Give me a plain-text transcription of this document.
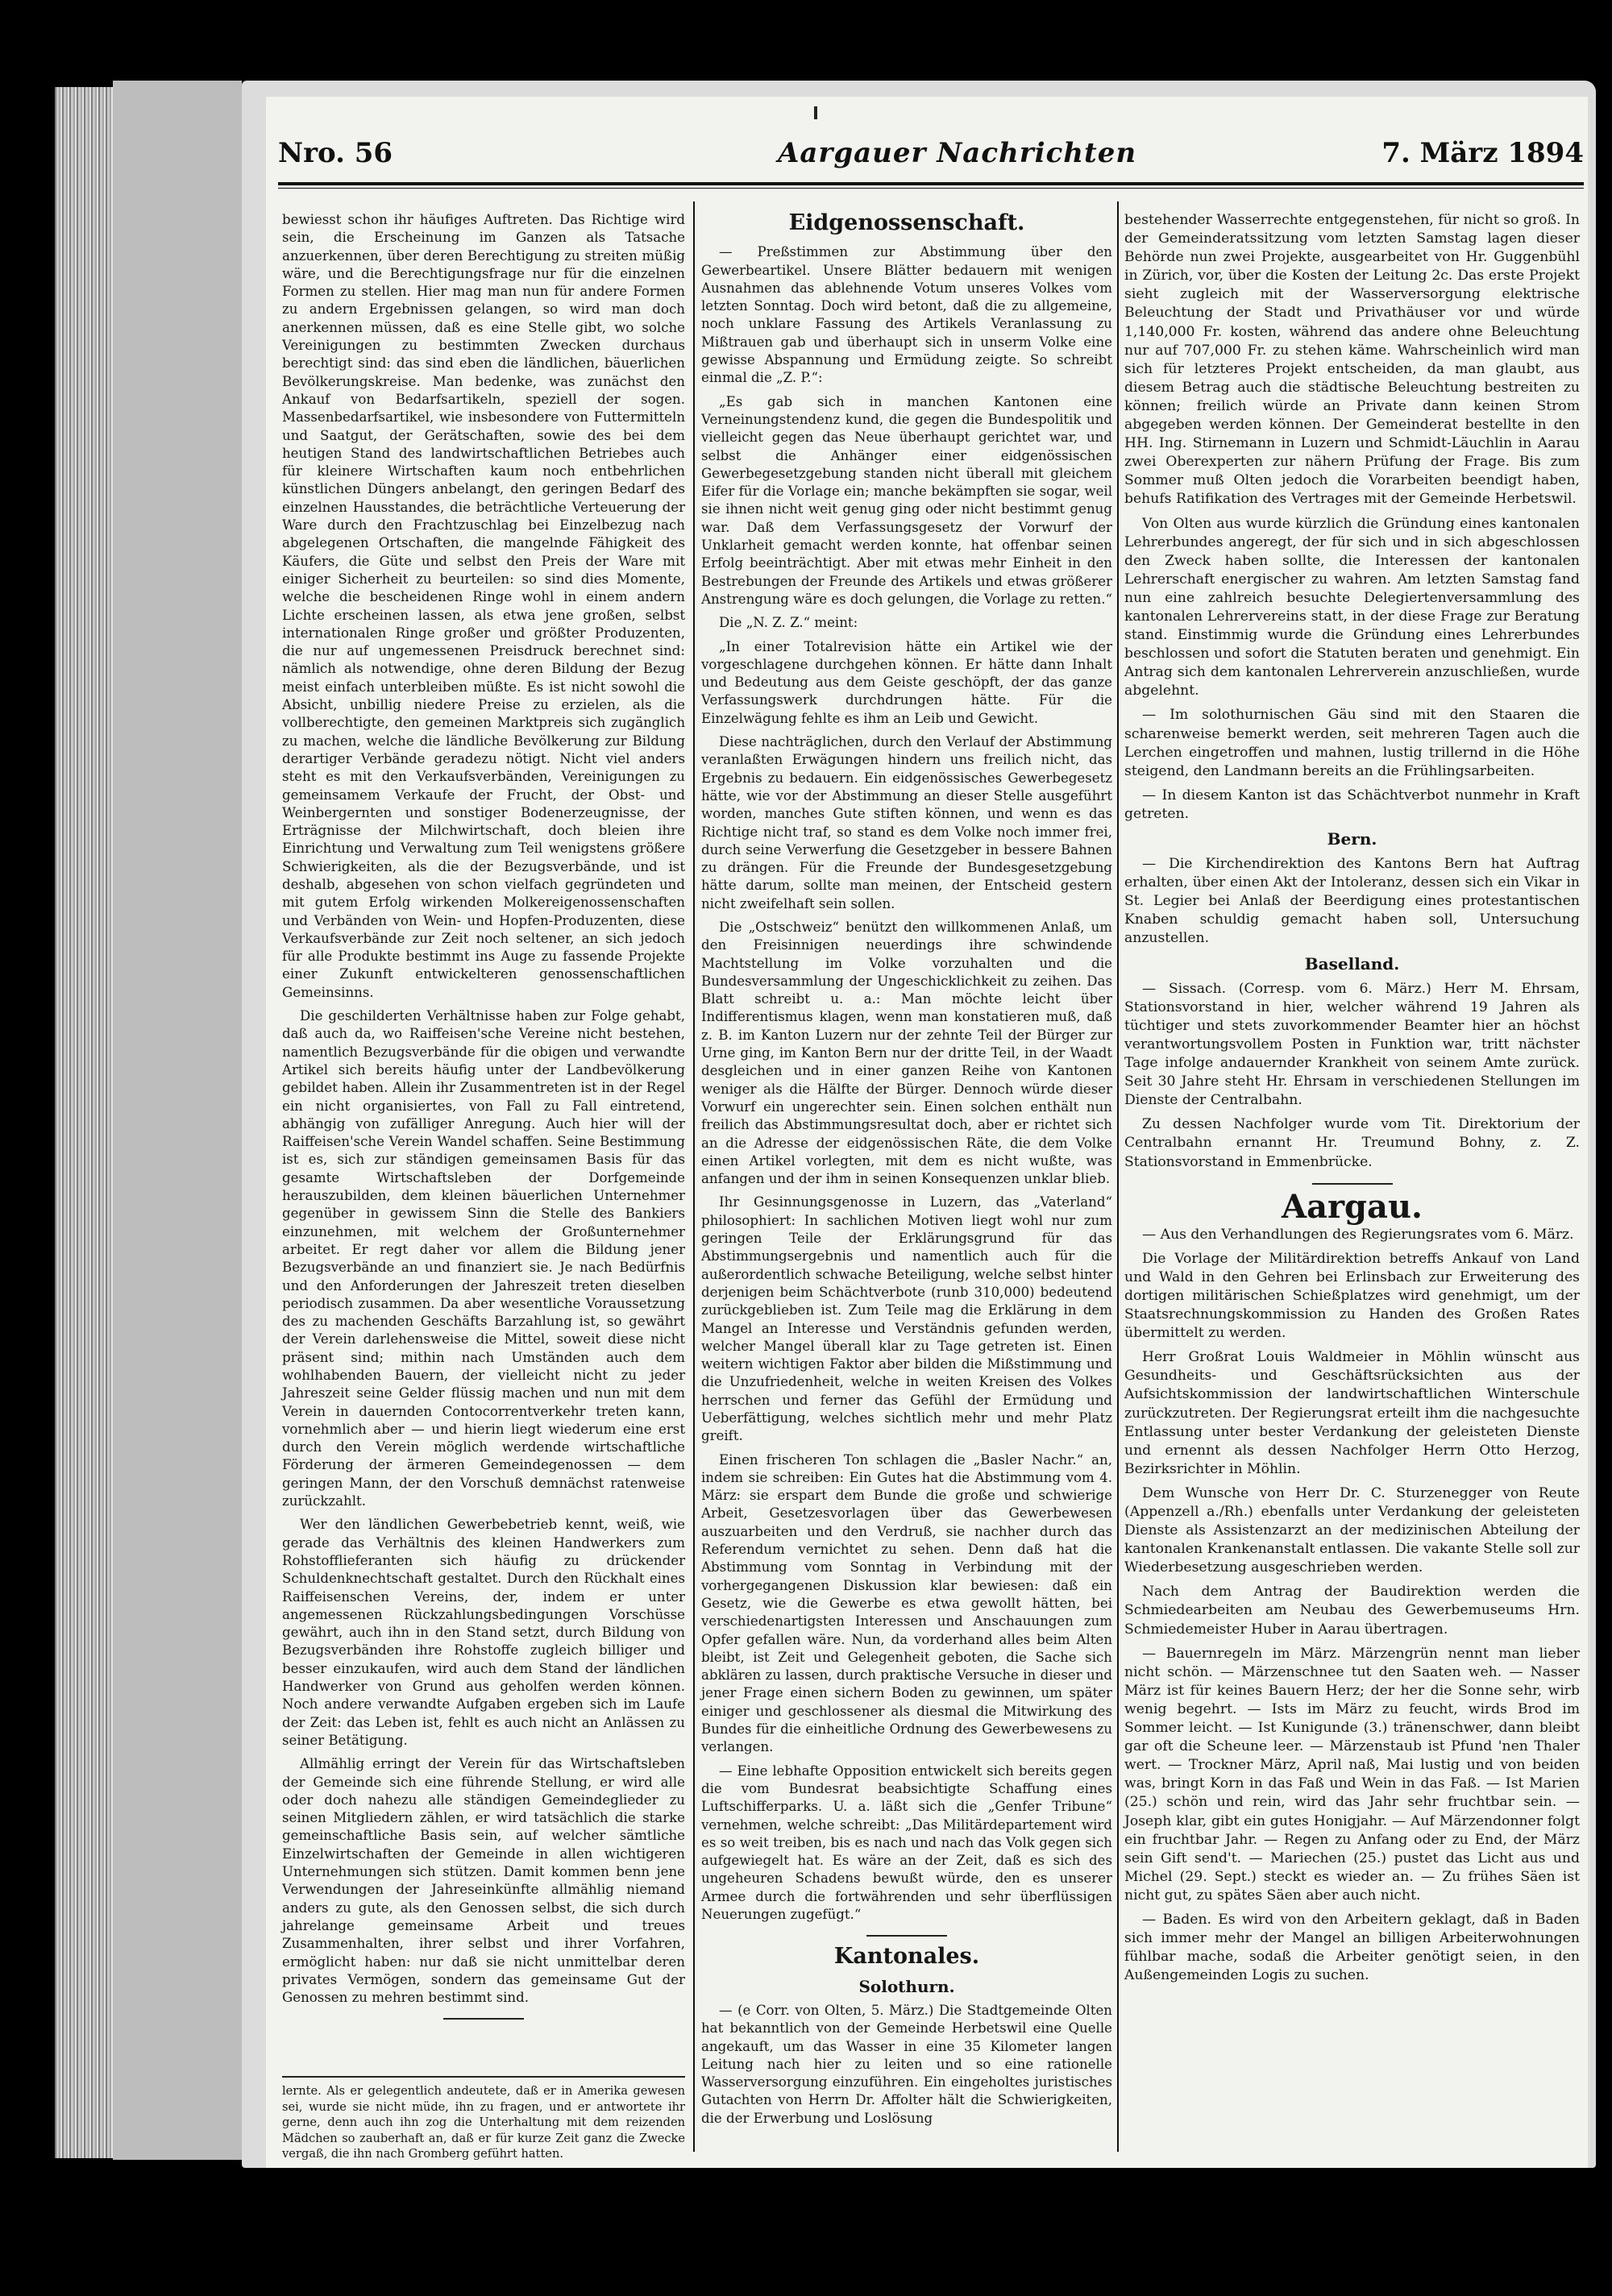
Nro. 56	Aargauer Nachrichten	7. März 1894

bewiesst schon ihr häufiges Auftreten. Das Richtige wird sein, die Erscheinung im Ganzen als Tatsache anzuerkennen, über deren Berechtigung zu streiten müßig wäre, und die Berechtigungsfrage nur für die einzelnen Formen zu stellen. Hier mag man nun für andere Formen zu andern Ergebnissen gelangen, so wird man doch anerkennen müssen, daß es eine Stelle gibt, wo solche Vereinigungen zu bestimmten Zwecken durchaus berechtigt sind: das sind eben die ländlichen, bäuerlichen Bevölkerungskreise. Man bedenke, was zunächst den Ankauf von Bedarfsartikeln, speziell der sogen. Massenbedarfsartikel, wie insbesondere von Futtermitteln und Saatgut, der Gerätschaften, sowie des bei dem heutigen Stand des landwirtschaftlichen Betriebes auch für kleinere Wirtschaften kaum noch entbehrlichen künstlichen Düngers anbelangt, den geringen Bedarf des einzelnen Hausstandes, die beträchtliche Verteuerung der Ware durch den Frachtzuschlag bei Einzelbezug nach abgelegenen Ortschaften, die mangelnde Fähigkeit des Käufers, die Güte und selbst den Preis der Ware mit einiger Sicherheit zu beurteilen: so sind dies Momente, welche die bescheidenen Ringe wohl in einem andern Lichte erscheinen lassen, als etwa jene großen, selbst internationalen Ringe großer und größter Produzenten, die nur auf ungemessenen Preisdruck berechnet sind: nämlich als notwendige, ohne deren Bildung der Bezug meist einfach unterbleiben müßte. Es ist nicht sowohl die Absicht, unbillig niedere Preise zu erzielen, als die vollberechtigte, den gemeinen Marktpreis sich zugänglich zu machen, welche die ländliche Bevölkerung zur Bildung derartiger Verbände geradezu nötigt. Nicht viel anders steht es mit den Verkaufsverbänden, Vereinigungen zu gemeinsamem Verkaufe der Frucht, der Obst- und Weinbergernten und sonstiger Bodenerzeugnisse, der Erträgnisse der Milchwirtschaft, doch bleien ihre Einrichtung und Verwaltung zum Teil wenigstens größere Schwierigkeiten, als die der Bezugsverbände, und ist deshalb, abgesehen von schon vielfach gegründeten und mit gutem Erfolg wirkenden Molkereigenossenschaften und Verbänden von Wein- und Hopfen-Produzenten, diese Verkaufsverbände zur Zeit noch seltener, an sich jedoch für alle Produkte bestimmt ins Auge zu fassende Projekte einer Zukunft entwickelteren genossenschaftlichen Gemeinsinns.

Die geschilderten Verhältnisse haben zur Folge gehabt, daß auch da, wo Raiffeisen'sche Vereine nicht bestehen, namentlich Bezugsverbände für die obigen und verwandte Artikel sich bereits häufig unter der Landbevölkerung gebildet haben. Allein ihr Zusammentreten ist in der Regel ein nicht organisiertes, von Fall zu Fall eintretend, abhängig von zufälliger Anregung. Auch hier will der Raiffeisen'sche Verein Wandel schaffen. Seine Bestimmung ist es, sich zur ständigen gemeinsamen Basis für das gesamte Wirtschaftsleben der Dorfgemeinde herauszubilden, dem kleinen bäuerlichen Unternehmer gegenüber in gewissem Sinn die Stelle des Bankiers einzunehmen, mit welchem der Großunternehmer arbeitet. Er regt daher vor allem die Bildung jener Bezugsverbände an und finanziert sie. Je nach Bedürfnis und den Anforderungen der Jahreszeit treten dieselben periodisch zusammen. Da aber wesentliche Voraussetzung des zu machenden Geschäfts Barzahlung ist, so gewährt der Verein darlehensweise die Mittel, soweit diese nicht präsent sind; mithin nach Umständen auch dem wohlhabenden Bauern, der vielleicht nicht zu jeder Jahreszeit seine Gelder flüssig machen und nun mit dem Verein in dauernden Contocorrentverkehr treten kann, vornehmlich aber — und hierin liegt wiederum eine erst durch den Verein möglich werdende wirtschaftliche Förderung der ärmeren Gemeindegenossen — dem geringen Mann, der den Vorschuß demnächst ratenweise zurückzahlt.

Wer den ländlichen Gewerbebetrieb kennt, weiß, wie gerade das Verhältnis des kleinen Handwerkers zum Rohstofflieferanten sich häufig zu drückender Schuldenknechtschaft gestaltet. Durch den Rückhalt eines Raiffeisenschen Vereins, der, indem er unter angemessenen Rückzahlungsbedingungen Vorschüsse gewährt, auch ihn in den Stand setzt, durch Bildung von Bezugsverbänden ihre Rohstoffe zugleich billiger und besser einzukaufen, wird auch dem Stand der ländlichen Handwerker von Grund aus geholfen werden können. Noch andere verwandte Aufgaben ergeben sich im Laufe der Zeit: das Leben ist, fehlt es auch nicht an Anlässen zu seiner Betätigung.

Allmählig erringt der Verein für das Wirtschaftsleben der Gemeinde sich eine führende Stellung, er wird alle oder doch nahezu alle ständigen Gemeindeglieder zu seinen Mitgliedern zählen, er wird tatsächlich die starke gemeinschaftliche Basis sein, auf welcher sämtliche Einzelwirtschaften der Gemeinde in allen wichtigeren Unternehmungen sich stützen. Damit kommen benn jene Verwendungen der Jahreseinkünfte allmählig niemand anders zu gute, als den Genossen selbst, die sich durch jahrelange gemeinsame Arbeit und treues Zusammenhalten, ihrer selbst und ihrer Vorfahren, ermöglicht haben: nur daß sie nicht unmittelbar deren privates Vermögen, sondern das gemeinsame Gut der Genossen zu mehren bestimmt sind.

lernte. Als er gelegentlich andeutete, daß er in Amerika gewesen sei, wurde sie nicht müde, ihn zu fragen, und er antwortete ihr gerne, denn auch ihn zog die Unterhaltung mit dem reizenden Mädchen so zauberhaft an, daß er für kurze Zeit ganz die Zwecke vergaß, die ihn nach Gromberg geführt hatten.

Eidgenossenschaft.

— Preßstimmen zur Abstimmung über den Gewerbeartikel. Unsere Blätter bedauern mit wenigen Ausnahmen das ablehnende Votum unseres Volkes vom letzten Sonntag. Doch wird betont, daß die zu allgemeine, noch unklare Fassung des Artikels Veranlassung zu Mißtrauen gab und überhaupt sich in unserm Volke eine gewisse Abspannung und Ermüdung zeigte. So schreibt einmal die „Z. P.“:

„Es gab sich in manchen Kantonen eine Verneinungstendenz kund, die gegen die Bundespolitik und vielleicht gegen das Neue überhaupt gerichtet war, und selbst die Anhänger einer eidgenössischen Gewerbegesetzgebung standen nicht überall mit gleichem Eifer für die Vorlage ein; manche bekämpften sie sogar, weil sie ihnen nicht weit genug ging oder nicht bestimmt genug war. Daß dem Verfassungsgesetz der Vorwurf der Unklarheit gemacht werden konnte, hat offenbar seinen Erfolg beeinträchtigt. Aber mit etwas mehr Einheit in den Bestrebungen der Freunde des Artikels und etwas größerer Anstrengung wäre es doch gelungen, die Vorlage zu retten.“

Die „N. Z. Z.“ meint:

„In einer Totalrevision hätte ein Artikel wie der vorgeschlagene durchgehen können. Er hätte dann Inhalt und Bedeutung aus dem Geiste geschöpft, der das ganze Verfassungswerk durchdrungen hätte. Für die Einzelwägung fehlte es ihm an Leib und Gewicht.

Diese nachträglichen, durch den Verlauf der Abstimmung veranlaßten Erwägungen hindern uns freilich nicht, das Ergebnis zu bedauern. Ein eidgenössisches Gewerbegesetz hätte, wie vor der Abstimmung an dieser Stelle ausgeführt worden, manches Gute stiften können, und wenn es das Richtige nicht traf, so stand es dem Volke noch immer frei, durch seine Verwerfung die Gesetzgeber in bessere Bahnen zu drängen. Für die Freunde der Bundesgesetzgebung hätte darum, sollte man meinen, der Entscheid gestern nicht zweifelhaft sein sollen.

Die „Ostschweiz“ benützt den willkommenen Anlaß, um den Freisinnigen neuerdings ihre schwindende Machtstellung im Volke vorzuhalten und die Bundesversammlung der Ungeschicklichkeit zu zeihen. Das Blatt schreibt u. a.: Man möchte leicht über Indifferentismus klagen, wenn man konstatieren muß, daß z. B. im Kanton Luzern nur der zehnte Teil der Bürger zur Urne ging, im Kanton Bern nur der dritte Teil, in der Waadt desgleichen und in einer ganzen Reihe von Kantonen weniger als die Hälfte der Bürger. Dennoch würde dieser Vorwurf ein ungerechter sein. Einen solchen enthält nun freilich das Abstimmungsresultat doch, aber er richtet sich an die Adresse der eidgenössischen Räte, die dem Volke einen Artikel vorlegten, mit dem es nicht wußte, was anfangen und der ihm in seinen Konsequenzen unklar blieb.

Ihr Gesinnungsgenosse in Luzern, das „Vaterland“ philosophiert: In sachlichen Motiven liegt wohl nur zum geringen Teile der Erklärungsgrund für das Abstimmungsergebnis und namentlich auch für die außerordentlich schwache Beteiligung, welche selbst hinter derjenigen beim Schächtverbote (runb 310,000) bedeutend zurückgeblieben ist. Zum Teile mag die Erklärung in dem Mangel an Interesse und Verständnis gefunden werden, welcher Mangel überall klar zu Tage getreten ist. Einen weitern wichtigen Faktor aber bilden die Mißstimmung und die Unzufriedenheit, welche in weiten Kreisen des Volkes herrschen und ferner das Gefühl der Ermüdung und Ueberfättigung, welches sichtlich mehr und mehr Platz greift.

Einen frischeren Ton schlagen die „Basler Nachr.“ an, indem sie schreiben: Ein Gutes hat die Abstimmung vom 4. März: sie erspart dem Bunde die große und schwierige Arbeit, Gesetzesvorlagen über das Gewerbewesen auszuarbeiten und den Verdruß, sie nachher durch das Referendum vernichtet zu sehen. Denn daß hat die Abstimmung vom Sonntag in Verbindung mit der vorhergegangenen Diskussion klar bewiesen: daß ein Gesetz, wie die Gewerbe es etwa gewollt hätten, bei verschiedenartigsten Interessen und Anschauungen zum Opfer gefallen wäre. Nun, da vorderhand alles beim Alten bleibt, ist Zeit und Gelegenheit geboten, die Sache sich abklären zu lassen, durch praktische Versuche in dieser und jener Frage einen sichern Boden zu gewinnen, um später einiger und geschlossener als diesmal die Mitwirkung des Bundes für die einheitliche Ordnung des Gewerbewesens zu verlangen.

— Eine lebhafte Opposition entwickelt sich bereits gegen die vom Bundesrat beabsichtigte Schaffung eines Luftschifferparks. U. a. läßt sich die „Genfer Tribune“ vernehmen, welche schreibt: „Das Militärdepartement wird es so weit treiben, bis es nach und nach das Volk gegen sich aufgewiegelt hat. Es wäre an der Zeit, daß es sich des ungeheuren Schadens bewußt würde, den es unserer Armee durch die fortwährenden und sehr überflüssigen Neuerungen zugefügt.“

Kantonales.
Solothurn.

— (e Corr. von Olten, 5. März.) Die Stadtgemeinde Olten hat bekanntlich von der Gemeinde Herbetswil eine Quelle angekauft, um das Wasser in eine 35 Kilometer langen Leitung nach hier zu leiten und so eine rationelle Wasserversorgung einzuführen. Ein eingeholtes juristisches Gutachten von Herrn Dr. Affolter hält die Schwierigkeiten, die der Erwerbung und Loslösung

bestehender Wasserrechte entgegenstehen, für nicht so groß. In der Gemeinderatssitzung vom letzten Samstag lagen dieser Behörde nun zwei Projekte, ausgearbeitet von Hr. Guggenbühl in Zürich, vor, über die Kosten der Leitung 2c. Das erste Projekt sieht zugleich mit der Wasserversorgung elektrische Beleuchtung der Stadt und Privathäuser vor und würde 1,140,000 Fr. kosten, während das andere ohne Beleuchtung nur auf 707,000 Fr. zu stehen käme. Wahrscheinlich wird man sich für letzteres Projekt entscheiden, da man glaubt, aus diesem Betrag auch die städtische Beleuchtung bestreiten zu können; freilich würde an Private dann keinen Strom abgegeben werden können. Der Gemeinderat bestellte in den HH. Ing. Stirnemann in Luzern und Schmidt-Läuchlin in Aarau zwei Oberexperten zur nähern Prüfung der Frage. Bis zum Sommer muß Olten jedoch die Vorarbeiten beendigt haben, behufs Ratifikation des Vertrages mit der Gemeinde Herbetswil.

Von Olten aus wurde kürzlich die Gründung eines kantonalen Lehrerbundes angeregt, der für sich und in sich abgeschlossen den Zweck haben sollte, die Interessen der kantonalen Lehrerschaft energischer zu wahren. Am letzten Samstag fand nun eine zahlreich besuchte Delegiertenversammlung des kantonalen Lehrervereins statt, in der diese Frage zur Beratung stand. Einstimmig wurde die Gründung eines Lehrerbundes beschlossen und sofort die Statuten beraten und genehmigt. Ein Antrag sich dem kantonalen Lehrerverein anzuschließen, wurde abgelehnt.

— Im solothurnischen Gäu sind mit den Staaren die scharenweise bemerkt werden, seit mehreren Tagen auch die Lerchen eingetroffen und mahnen, lustig trillernd in die Höhe steigend, den Landmann bereits an die Frühlingsarbeiten.

— In diesem Kanton ist das Schächtverbot nunmehr in Kraft getreten.

Bern.

— Die Kirchendirektion des Kantons Bern hat Auftrag erhalten, über einen Akt der Intoleranz, dessen sich ein Vikar in St. Legier bei Anlaß der Beerdigung eines protestantischen Knaben schuldig gemacht haben soll, Untersuchung anzustellen.

Baselland.

— Sissach. (Corresp. vom 6. März.) Herr M. Ehrsam, Stationsvorstand in hier, welcher während 19 Jahren als tüchtiger und stets zuvorkommender Beamter hier an höchst verantwortungsvollem Posten in Funktion war, tritt nächster Tage infolge andauernder Krankheit von seinem Amte zurück. Seit 30 Jahre steht Hr. Ehrsam in verschiedenen Stellungen im Dienste der Centralbahn.

Zu dessen Nachfolger wurde vom Tit. Direktorium der Centralbahn ernannt Hr. Treumund Bohny, z. Z. Stationsvorstand in Emmenbrücke.

Aargau.

— Aus den Verhandlungen des Regierungsrates vom 6. März.

Die Vorlage der Militärdirektion betreffs Ankauf von Land und Wald in den Gehren bei Erlinsbach zur Erweiterung des dortigen militärischen Schießplatzes wird genehmigt, um der Staatsrechnungskommission zu Handen des Großen Rates übermittelt zu werden.

Herr Großrat Louis Waldmeier in Möhlin wünscht aus Gesundheits- und Geschäftsrücksichten aus der Aufsichtskommission der landwirtschaftlichen Winterschule zurückzutreten. Der Regierungsrat erteilt ihm die nachgesuchte Entlassung unter bester Verdankung der geleisteten Dienste und ernennt als dessen Nachfolger Herrn Otto Herzog, Bezirksrichter in Möhlin.

Dem Wunsche von Herr Dr. C. Sturzenegger von Reute (Appenzell a./Rh.) ebenfalls unter Verdankung der geleisteten Dienste als Assistenzarzt an der medizinischen Abteilung der kantonalen Krankenanstalt entlassen. Die vakante Stelle soll zur Wiederbesetzung ausgeschrieben werden.

Nach dem Antrag der Baudirektion werden die Schmiedearbeiten am Neubau des Gewerbemuseums Hrn. Schmiedemeister Huber in Aarau übertragen.

— Bauernregeln im März. Märzengrün nennt man lieber nicht schön. — Märzenschnee tut den Saaten weh. — Nasser März ist für keines Bauern Herz; der her die Sonne sehr, wirb wenig begehrt. — Ists im März zu feucht, wirds Brod im Sommer leicht. — Ist Kunigunde (3.) tränenschwer, dann bleibt gar oft die Scheune leer. — Märzenstaub ist Pfund 'nen Thaler wert. — Trockner März, April naß, Mai lustig und von beiden was, bringt Korn in das Faß und Wein in das Faß. — Ist Marien (25.) schön und rein, wird das Jahr sehr fruchtbar sein. — Joseph klar, gibt ein gutes Honigjahr. — Auf Märzendonner folgt ein fruchtbar Jahr. — Regen zu Anfang oder zu End, der März sein Gift send't. — Mariechen (25.) pustet das Licht aus und Michel (29. Sept.) steckt es wieder an. — Zu frühes Säen ist nicht gut, zu spätes Säen aber auch nicht.

— Baden. Es wird von den Arbeitern geklagt, daß in Baden sich immer mehr der Mangel an billigen Arbeiterwohnungen fühlbar mache, sodaß die Arbeiter genötigt seien, in den Außengemeinden Logis zu suchen.
